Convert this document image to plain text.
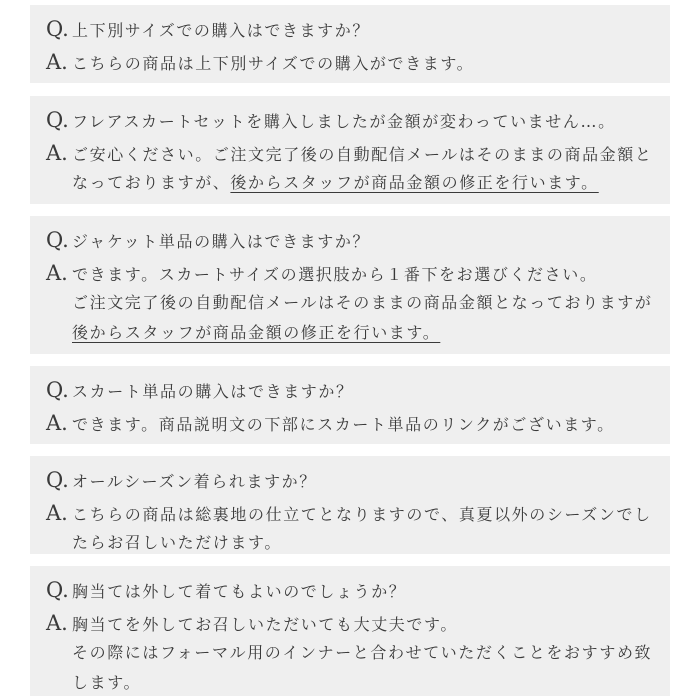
Q. 上下別サイズでの購入はできますか？
A. こちらの商品は上下別サイズでの購入ができます。
Q. フレアスカートセットを購入しましたが金額が変わっていません…。
A. ご安心ください。ご注文完了後の自動配信メールはそのままの商品金額と
なっておりますが、後からスタッフが商品金額の修正を行います。
Q. ジャケット単品の購入はできますか？
A. できます。スカートサイズの選択肢から１番下をお選びください。
ご注文完了後の自動配信メールはそのままの商品金額となっておりますが
後からスタッフが商品金額の修正を行います。
Q. スカート単品の購入はできますか？
A. できます。商品説明文の下部にスカート単品のリンクがございます。
Q. オールシーズン着られますか？
A. こちらの商品は総裏地の仕立てとなりますので、真夏以外のシーズンでし
たらお召しいただけます。
Q. 胸当ては外して着てもよいのでしょうか？
A. 胸当てを外してお召しいただいても大丈夫です。
その際にはフォーマル用のインナーと合わせていただくことをおすすめ致
します。
